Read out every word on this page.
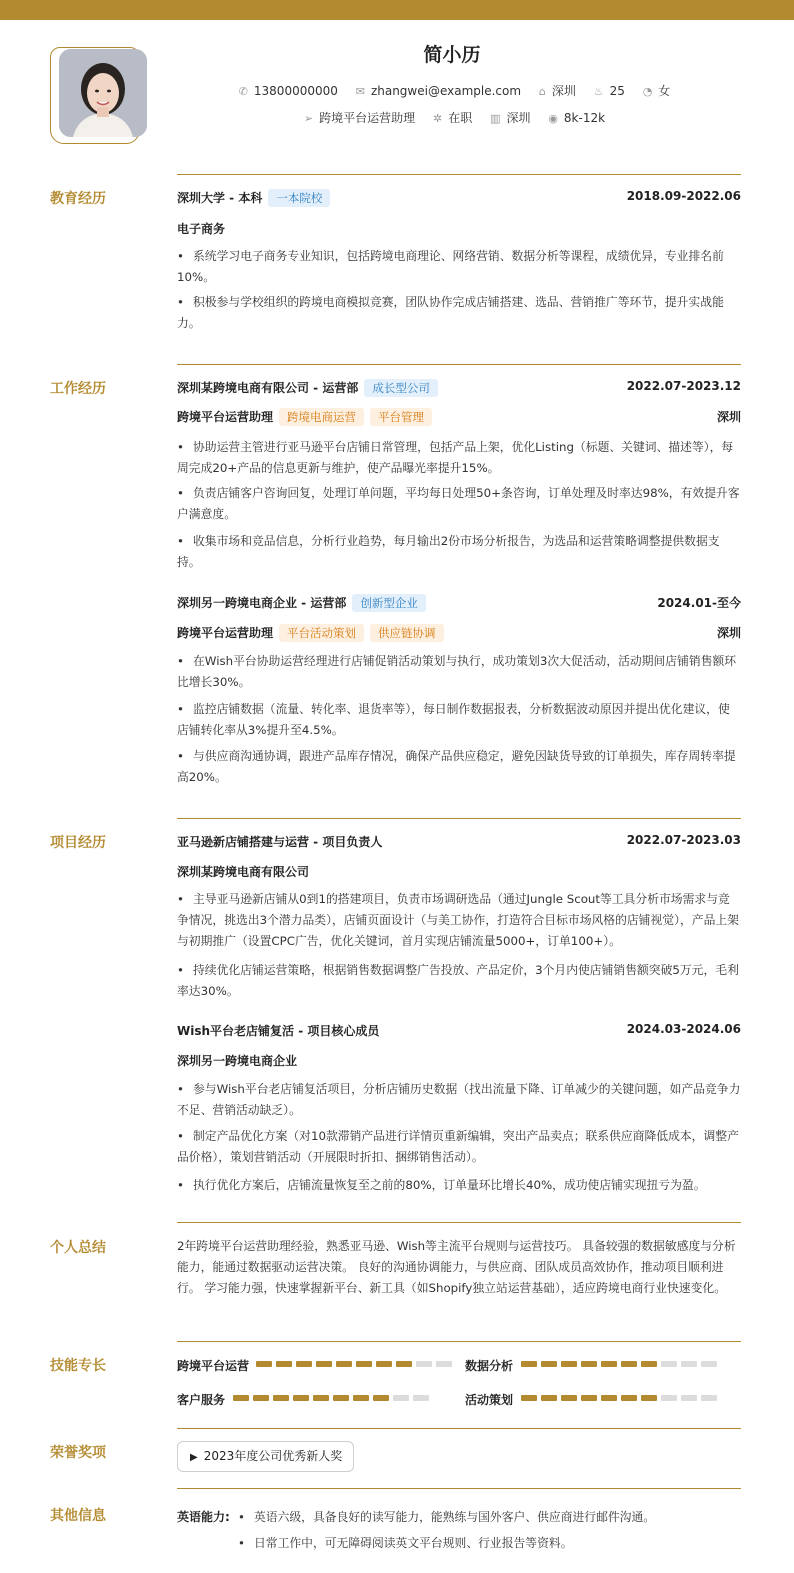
简小历
✆ 13800000000 ✉ zhangwei@example.com ⌂ 深圳 ♨ 25 ◔ 女
➢ 跨境平台运营助理 ✲ 在职 ▥ 深圳 ◉ 8k-12k
教育经历	深圳大学 - 本科 一本院校	2018.09-2022.06
电子商务
• 系统学习电子商务专业知识，包括跨境电商理论、网络营销、数据分析等课程，成绩优异，专业排名前10%。
• 积极参与学校组织的跨境电商模拟竞赛，团队协作完成店铺搭建、选品、营销推广等环节，提升实战能力。
工作经历	深圳某跨境电商有限公司 - 运营部 成长型公司	2022.07-2023.12
跨境平台运营助理 跨境电商运营 平台管理	深圳
• 协助运营主管进行亚马逊平台店铺日常管理，包括产品上架，优化Listing（标题、关键词、描述等），每周完成20+产品的信息更新与维护，使产品曝光率提升15%。
• 负责店铺客户咨询回复，处理订单问题，平均每日处理50+条咨询，订单处理及时率达98%，有效提升客户满意度。
• 收集市场和竞品信息，分析行业趋势，每月输出2份市场分析报告，为选品和运营策略调整提供数据支持。
深圳另一跨境电商企业 - 运营部 创新型企业	2024.01-至今
跨境平台运营助理 平台活动策划 供应链协调	深圳
• 在Wish平台协助运营经理进行店铺促销活动策划与执行，成功策划3次大促活动，活动期间店铺销售额环比增长30%。
• 监控店铺数据（流量、转化率、退货率等），每日制作数据报表，分析数据波动原因并提出优化建议，使店铺转化率从3%提升至4.5%。
• 与供应商沟通协调，跟进产品库存情况，确保产品供应稳定，避免因缺货导致的订单损失，库存周转率提高20%。
项目经历	亚马逊新店铺搭建与运营 - 项目负责人	2022.07-2023.03
深圳某跨境电商有限公司
• 主导亚马逊新店铺从0到1的搭建项目，负责市场调研选品（通过Jungle Scout等工具分析市场需求与竞争情况，挑选出3个潜力品类），店铺页面设计（与美工协作，打造符合目标市场风格的店铺视觉），产品上架与初期推广（设置CPC广告，优化关键词，首月实现店铺流量5000+，订单100+）。
• 持续优化店铺运营策略，根据销售数据调整广告投放、产品定价，3个月内使店铺销售额突破5万元，毛利率达30%。
Wish平台老店铺复活 - 项目核心成员	2024.03-2024.06
深圳另一跨境电商企业
• 参与Wish平台老店铺复活项目，分析店铺历史数据（找出流量下降、订单减少的关键问题，如产品竞争力不足、营销活动缺乏）。
• 制定产品优化方案（对10款滞销产品进行详情页重新编辑，突出产品卖点；联系供应商降低成本，调整产品价格），策划营销活动（开展限时折扣、捆绑销售活动）。
• 执行优化方案后，店铺流量恢复至之前的80%，订单量环比增长40%，成功使店铺实现扭亏为盈。
个人总结	2年跨境平台运营助理经验，熟悉亚马逊、Wish等主流平台规则与运营技巧。 具备较强的数据敏感度与分析能力，能通过数据驱动运营决策。 良好的沟通协调能力，与供应商、团队成员高效协作，推动项目顺利进行。 学习能力强，快速掌握新平台、新工具（如Shopify独立站运营基础），适应跨境电商行业快速变化。
技能专长	跨境平台运营	数据分析
客户服务	活动策划
荣誉奖项	▶ 2023年度公司优秀新人奖
其他信息	英语能力: • 英语六级，具备良好的读写能力，能熟练与国外客户、供应商进行邮件沟通。
• 日常工作中，可无障碍阅读英文平台规则、行业报告等资料。
